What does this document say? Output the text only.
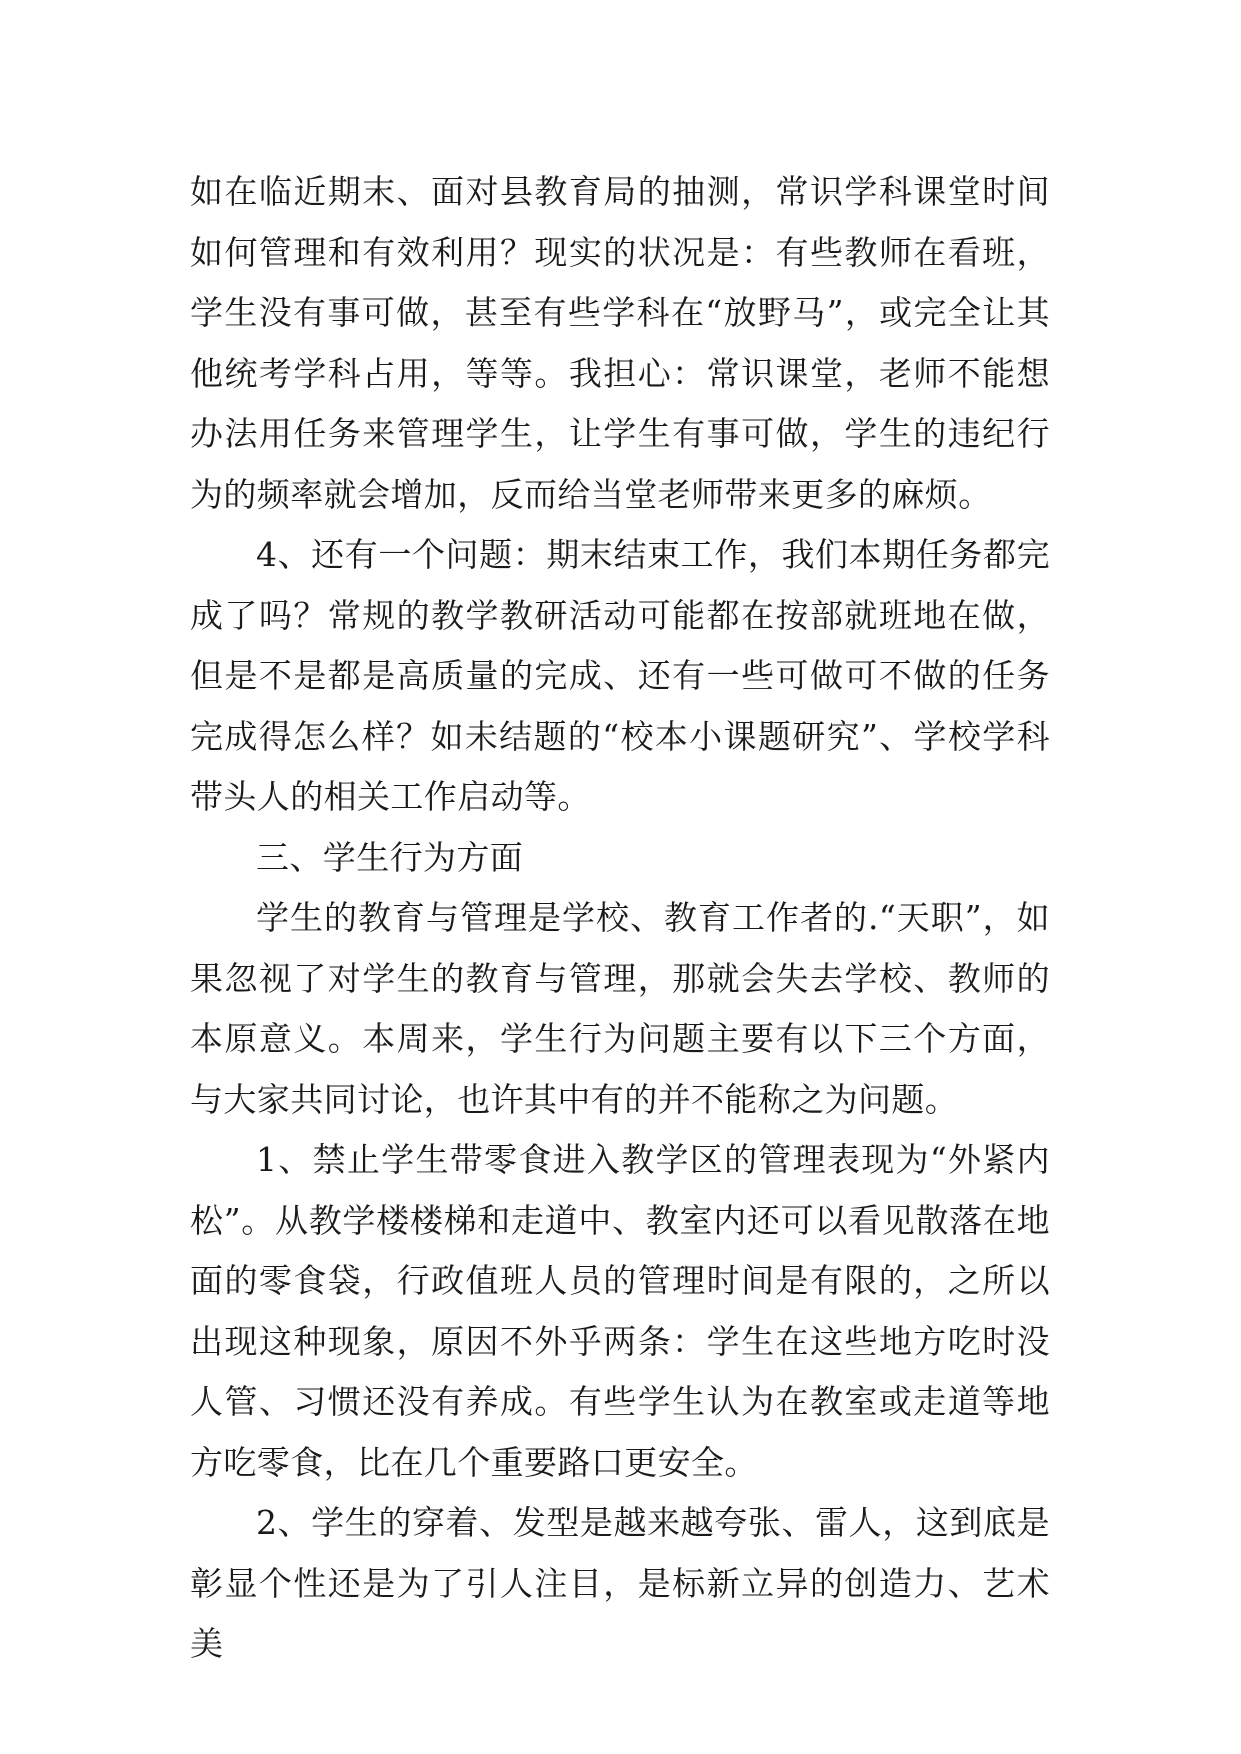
如在临近期末、面对县教育局的抽测，常识学科课堂时间如何管理和有效利用？现实的状况是：有些教师在看班，学生没有事可做，甚至有些学科在“放野马”，或完全让其他统考学科占用，等等。我担心：常识课堂，老师不能想办法用任务来管理学生，让学生有事可做，学生的违纪行为的频率就会增加，反而给当堂老师带来更多的麻烦。

4、还有一个问题：期末结束工作，我们本期任务都完成了吗？常规的教学教研活动可能都在按部就班地在做，但是不是都是高质量的完成、还有一些可做可不做的任务完成得怎么样？如未结题的“校本小课题研究”、学校学科带头人的相关工作启动等。

三、学生行为方面

学生的教育与管理是学校、教育工作者的.“天职”，如果忽视了对学生的教育与管理，那就会失去学校、教师的本原意义。本周来，学生行为问题主要有以下三个方面，与大家共同讨论，也许其中有的并不能称之为问题。

1、禁止学生带零食进入教学区的管理表现为“外紧内松”。从教学楼楼梯和走道中、教室内还可以看见散落在地面的零食袋，行政值班人员的管理时间是有限的，之所以出现这种现象，原因不外乎两条：学生在这些地方吃时没人管、习惯还没有养成。有些学生认为在教室或走道等地方吃零食，比在几个重要路口更安全。

2、学生的穿着、发型是越来越夸张、雷人，这到底是彰显个性还是为了引人注目，是标新立异的创造力、艺术美
